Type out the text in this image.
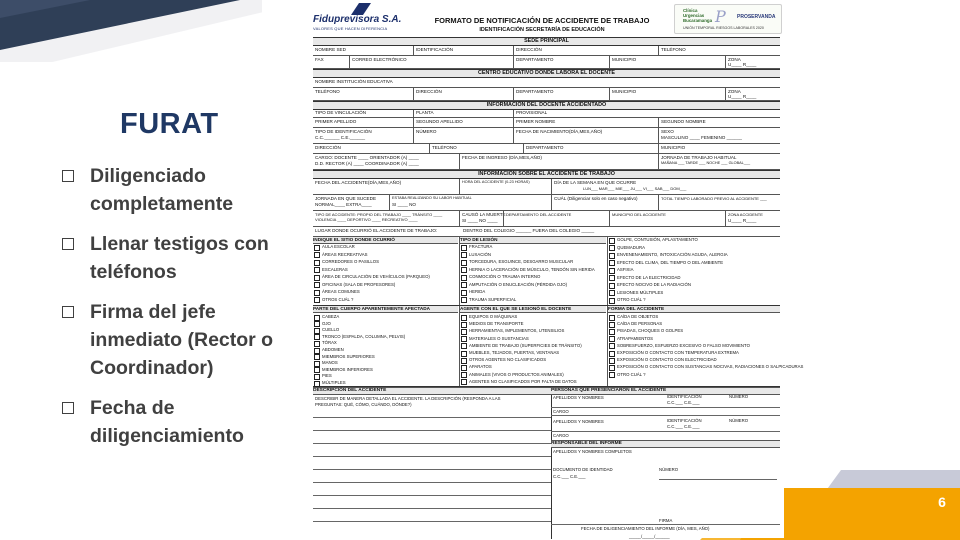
6
FURAT
Diligenciado completamente
Llenar testigos con teléfonos
Firma del jefe inmediato (Rector o Coordinador)
Fecha de diligenciamiento
Fiduprevisora S.A.
VALORES QUE HACEN DIFERENCIA
FORMATO DE NOTIFICACIÓN DE ACCIDENTE DE TRABAJO
IDENTIFICACIÓN SECRETARÍA DE EDUCACIÓN
Clínica Urgencias Bucaramanga P PROSERVANDA
UNIÓN TEMPORAL RIESGOS LABORALES 2020
SEDE PRINCIPAL
NOMBRE SED	IDENTIFICACIÓN	DIRECCIÓN	TELÉFONO
FAX	CORREO ELECTRÓNICO	DEPARTAMENTO	MUNICIPIO	ZONA
U____ R____
CENTRO EDUCATIVO DONDE LABORA EL DOCENTE
NOMBRE INSTITUCIÓN EDUCATIVA
TELÉFONO	DIRECCIÓN	DEPARTAMENTO	MUNICIPIO	ZONA
U____ R____
INFORMACIÓN DEL DOCENTE ACCIDENTADO
TIPO DE VINCULACIÓN	PLANTA	PROVISIONAL
PRIMER APELLIDO	SEGUNDO APELLIDO	PRIMER NOMBRE	SEGUNDO NOMBRE
TIPO DE IDENTIFICACIÓN
C.C.______ C.E.______
NÚMERO	FECHA DE NACIMIENTO(DÍA,MES,AÑO)	SEXO
MASCULINO ____ FEMENINO ______
DIRECCIÓN	TELÉFONO	DEPARTAMENTO	MUNICIPIO
CARGO: DOCENTE ____ ORIENTADOR (A) ____
D.D. RECTOR (A) ____ COORDINADOR (A) ____
FECHA DE INGRESO (DÍA,MES,AÑO)	JORNADA DE TRABAJO HABITUAL
MAÑANA ___ TARDE ___ NOCHE ___ GLOBAL___
INFORMACIÓN SOBRE EL ACCIDENTE DE TRABAJO
FECHA DEL ACCIDENTE(DÍA,MES,AÑO)	HORA DEL ACCIDENTE (0-23 HORAS)	DÍA DE LA SEMANA EN QUE OCURRE
LUN___ MAR___ MIE___ JU___ VI___ SAB___ DOM___
JORNADA EN QUE SUCEDE
NORMAL____ EXTRA____
ESTABA REALIZANDO SU LABOR HABITUAL
SI ____ NO
CUÁL (Diligenciar solo en caso negativo)	TOTAL TIEMPO LABORADO PREVIO AL ACCIDENTE ___
TIPO DE ACCIDENTE: PROPIO DEL TRABAJO ____ TRÁNSITO ____ VIOLENCIA ____ DEPORTIVO ____ RECREATIVO ____
CAUSÓ LA MUERTE
SI ____ NO ____
DEPARTAMENTO DEL ACCIDENTE	MUNICIPIO DEL ACCIDENTE	ZONA ACCIDENTE
U____ R____
LUGAR DONDE OCURRIÓ EL ACCIDENTE DE TRABAJO:	DENTRO DEL COLEGIO ______ FUERA DEL COLEGIO _____
INDIQUE EL SITIO DONDE OCURRIÓ	TIPO DE LESIÓN
AULA ESCOLAR
ÁREAS RECREATIVAS
CORREDORES O PASILLOS
ESCALERAS
ÁREA DE CIRCULACIÓN DE VEHÍCULOS (PARQUEO)
OFICINAS (SALA DE PROFESORES)
ÁREAS COMUNES
OTROS CUÁL ?
FRACTURA
LUXACIÓN
TORCEDURA, ESGUINCE, DESGARRO MUSCULAR
HERNIA O LACERACIÓN DE MÚSCULO, TENDÓN SIN HERIDA
CONMOCIÓN O TRAUMA INTERNO
AMPUTACIÓN O ENUCLEACIÓN (PÉRDIDA OJO)
HERIDA
TRAUMA SUPERFICIAL
GOLPE, CONTUSIÓN, APLASTAMIENTO
QUEMADURA
ENVENENAMIENTO, INTOXICACIÓN AGUDA, ALERGIA
EFECTO DEL CLIMA, DEL TIEMPO O DEL AMBIENTE
ASFIXIA
EFECTO DE LA ELECTRICIDAD
EFECTO NOCIVO DE LA RADIACIÓN
LESIONES MÚLTIPLES
OTRO CUÁL ?
PARTE DEL CUERPO APARENTEMENTE AFECTADA	AGENTE CON EL QUE SE LESIONÓ EL DOCENTE	FORMA DEL ACCIDENTE
CABEZA
OJO
CUELLO
TRONCO (ESPALDA, COLUMNA, PELVIS)
TÓRAX
ABDOMEN
MIEMBROS SUPERIORES
MANOS
MIEMBROS INFERIORES
PIES
MÚLTIPLES
EQUIPOS O MÁQUINAS
MEDIOS DE TRANSPORTE
HERRAMIENTAS, IMPLEMENTOS, UTENSILIOS
MATERIALES O SUSTANCIAS
AMBIENTE DE TRABAJO (SUPERFICIES DE TRÁNSITO)
MUEBLES, TEJADOS, PUERTAS, VENTANAS
OTROS AGENTES NO CLASIFICADOS
APARATOS
ANIMALES (VIVOS O PRODUCTOS ANIMALES)
AGENTES NO CLASIFICADOS POR FALTA DE DATOS
CAÍDA DE OBJETOS
CAÍDA DE PERSONAS
PISADAS, CHOQUES O GOLPES
ATRAPAMIENTOS
SOBRESFUERZO, ESFUERZO EXCESIVO O FALSO MOVIMIENTO
EXPOSICIÓN O CONTACTO CON TEMPERATURA EXTREMA
EXPOSICIÓN O CONTACTO CON ELECTRICIDAD
EXPOSICIÓN O CONTACTO CON SUSTANCIAS NOCIVAS, RADIACIONES O SALPICADURAS
OTRO CUÁL ?
DESCRIPCIÓN DEL ACCIDENTE
DESCRIBIR DE MANERA DETALLADA EL ACCIDENTE. LA DESCRIPCIÓN (RESPONDA A LAS
PREGUNTAS: QUÉ, CÓMO, CUÁNDO, DÓNDE?)
PERSONAS QUE PRESENCIARON EL ACCIDENTE
APELLIDOS Y NOMBRES	IDENTIFICACIÓN
C.C.___ C.E.___
NÚMERO
CARGO
APELLIDOS Y NOMBRES	IDENTIFICACIÓN
C.C.___ C.E.___
NÚMERO
CARGO
RESPONSABLE DEL INFORME
APELLIDOS Y NOMBRES COMPLETOS
DOCUMENTO DE IDENTIDAD	NÚMERO
C.C.___ C.E.___
FIRMA
FECHA DE DILIGENCIAMIENTO DEL INFORME (DÍA, MES, AÑO)
_____/_____/______
